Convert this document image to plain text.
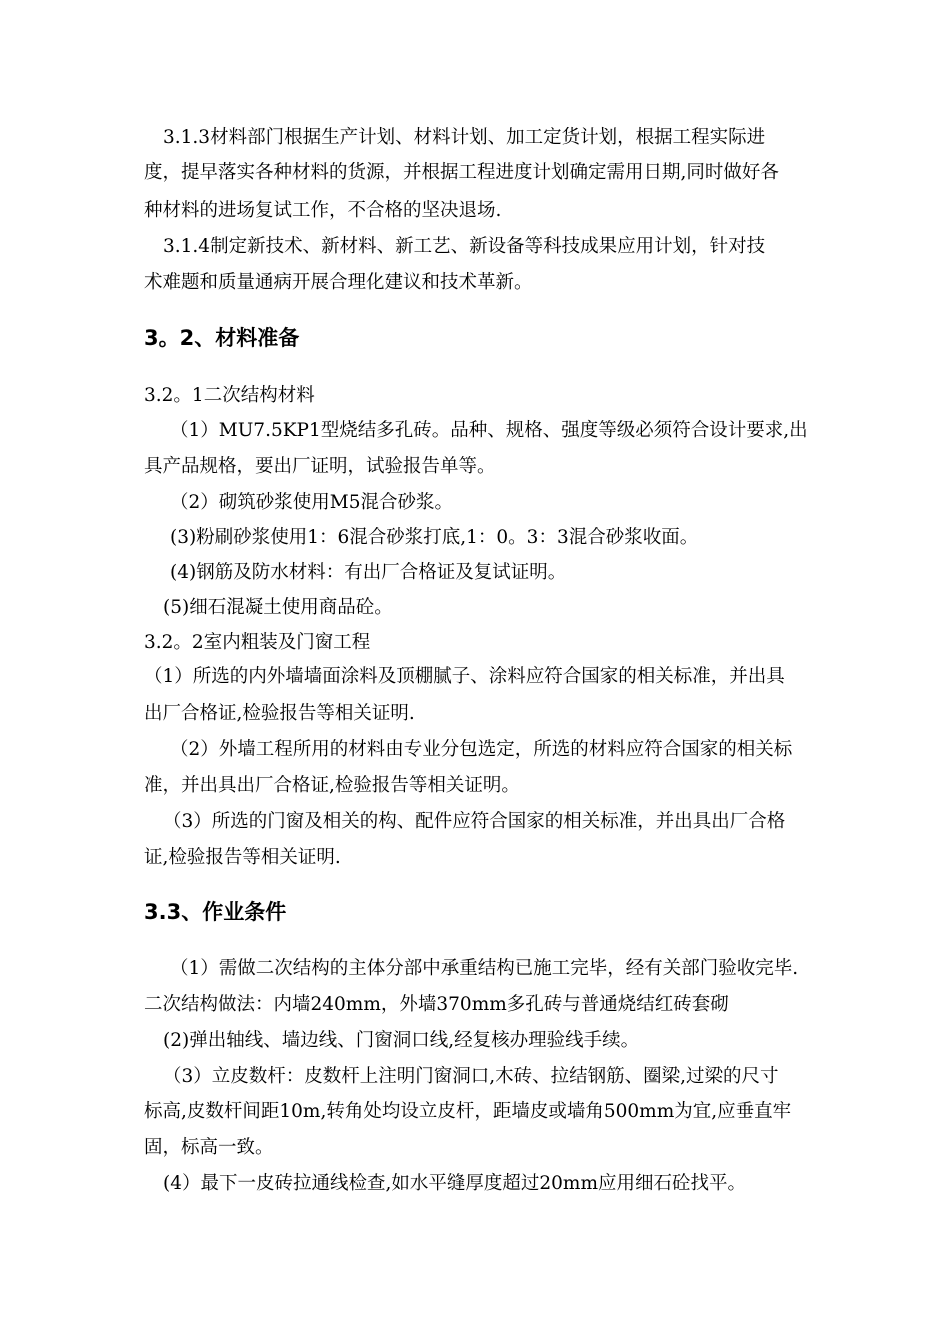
3.1.3材料部门根据生产计划、材料计划、加工定货计划，根据工程实际进
度，提早落实各种材料的货源，并根据工程进度计划确定需用日期,同时做好各
种材料的进场复试工作，不合格的坚决退场.
3.1.4制定新技术、新材料、新工艺、新设备等科技成果应用计划，针对技
术难题和质量通病开展合理化建议和技术革新。
3。2、材料准备
3.2。1二次结构材料
（1）MU7.5KP1型烧结多孔砖。品种、规格、强度等级必须符合设计要求,出
具产品规格，要出厂证明，试验报告单等。
（2）砌筑砂浆使用M5混合砂浆。
(3)粉刷砂浆使用1：6混合砂浆打底,1：0。3：3混合砂浆收面。
(4)钢筋及防水材料：有出厂合格证及复试证明。
(5)细石混凝土使用商品砼。
3.2。2室内粗装及门窗工程
（1）所选的内外墙墙面涂料及顶棚腻子、涂料应符合国家的相关标准，并出具
出厂合格证,检验报告等相关证明.
（2）外墙工程所用的材料由专业分包选定，所选的材料应符合国家的相关标
准，并出具出厂合格证,检验报告等相关证明。
（3）所选的门窗及相关的构、配件应符合国家的相关标准，并出具出厂合格
证,检验报告等相关证明.
3.3、作业条件
（1）需做二次结构的主体分部中承重结构已施工完毕，经有关部门验收完毕.
二次结构做法：内墙240mm，外墙370mm多孔砖与普通烧结红砖套砌
(2)弹出轴线、墙边线、门窗洞口线,经复核办理验线手续。
（3）立皮数杆：皮数杆上注明门窗洞口,木砖、拉结钢筋、圈梁,过梁的尺寸
标高,皮数杆间距10m,转角处均设立皮杆，距墙皮或墙角500mm为宜,应垂直牢
固，标高一致。
(4）最下一皮砖拉通线检查,如水平缝厚度超过20mm应用细石砼找平。
